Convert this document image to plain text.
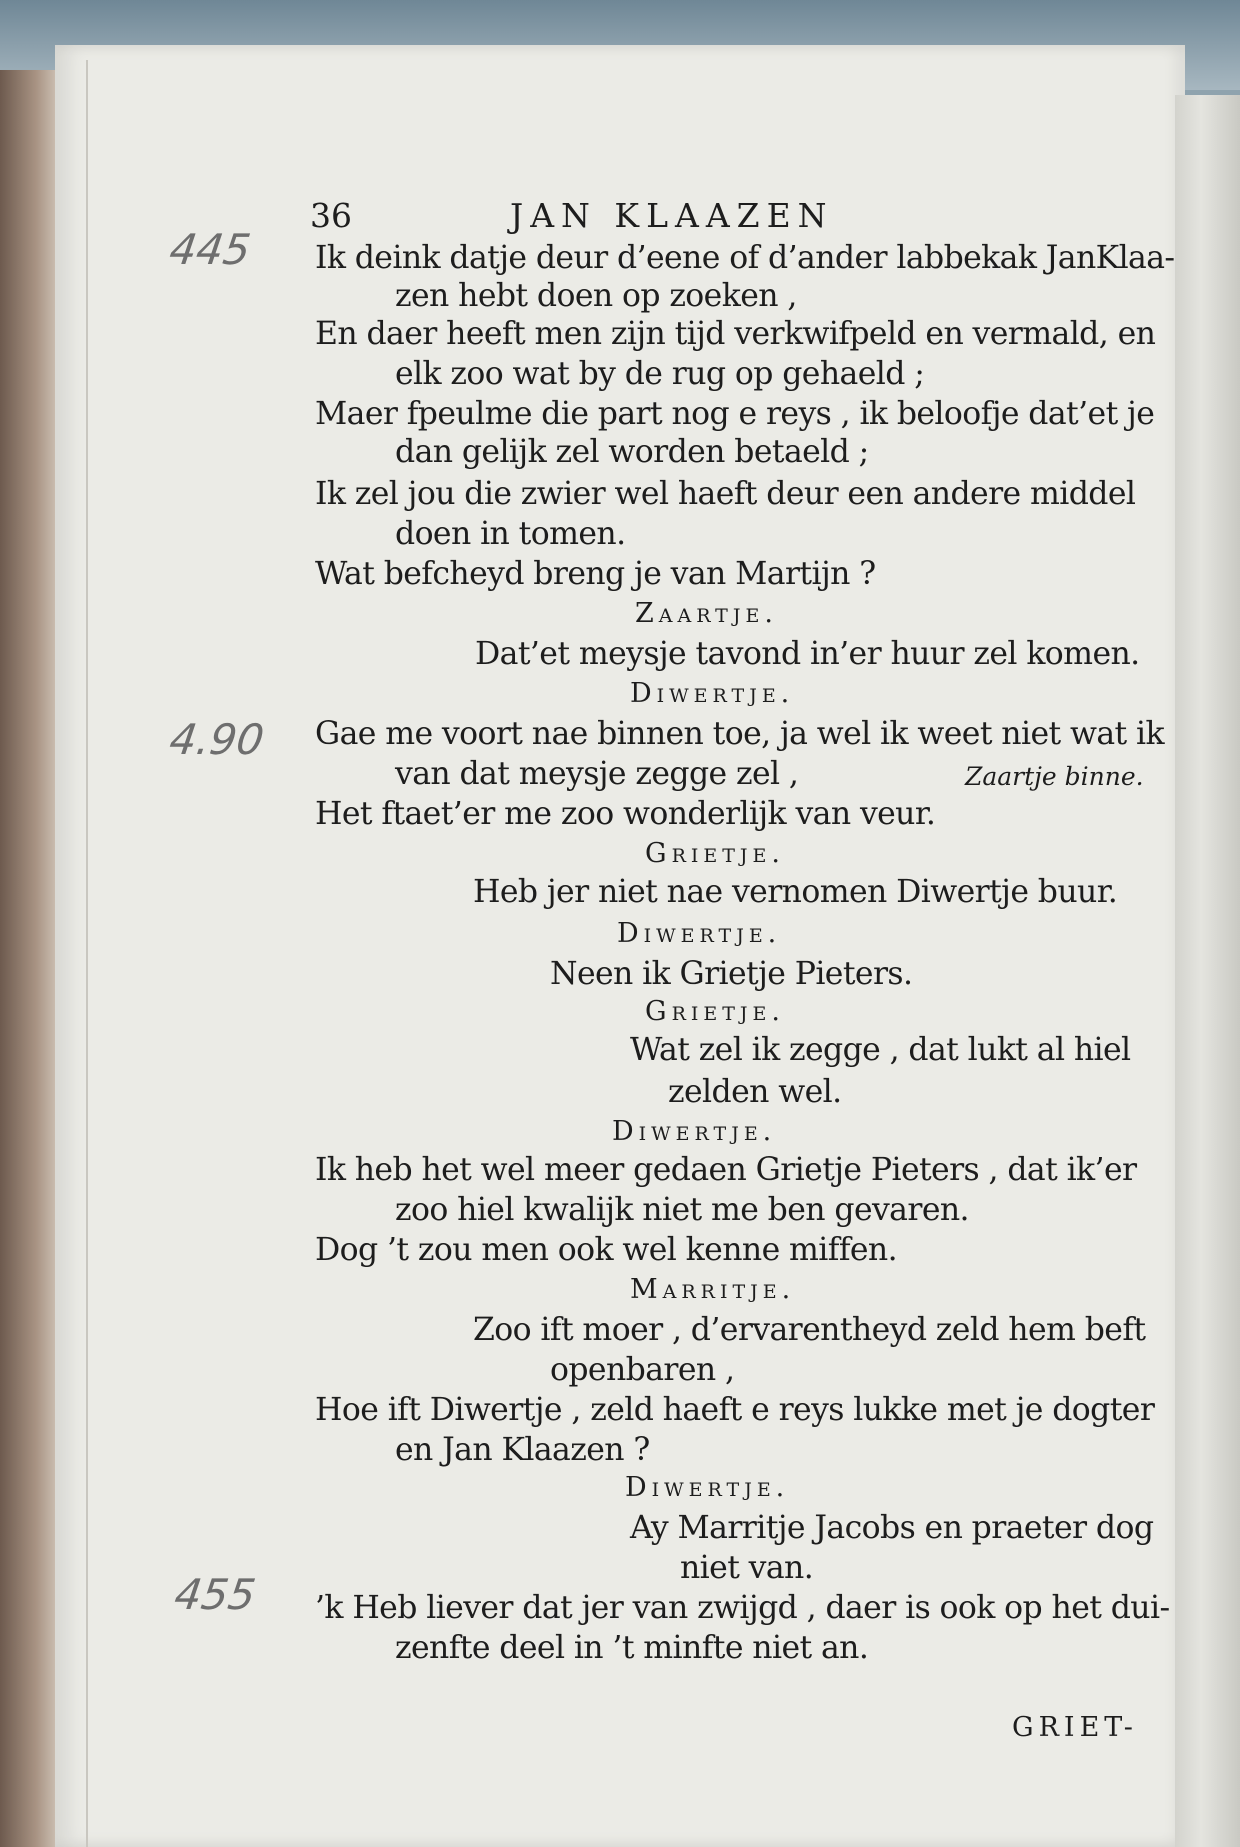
36	JAN KLAAZEN
445
4.90
455
Ik deink datje deur d’eene of d’ander labbekak JanKlaa-
zen hebt doen op zoeken ,
En daer heeft men zijn tijd verkwifpeld en vermald, en
elk zoo wat by de rug op gehaeld ;
Maer fpeulme die part nog e reys , ik beloofje dat’et je
dan gelijk zel worden betaeld ;
Ik zel jou die zwier wel haeft deur een andere middel
doen in tomen.
Wat befcheyd breng je van Martijn ?
Zaartje.
Dat’et meysje tavond in’er huur zel komen.
Diwertje.
Gae me voort nae binnen toe, ja wel ik weet niet wat ik
van dat meysje zegge zel ,	Zaartje binne.
Het ftaet’er me zoo wonderlijk van veur.
Grietje.
Heb jer niet nae vernomen Diwertje buur.
Diwertje.
Neen ik Grietje Pieters.
Grietje.
Wat zel ik zegge , dat lukt al hiel
zelden wel.
Diwertje.
Ik heb het wel meer gedaen Grietje Pieters , dat ik’er
zoo hiel kwalijk niet me ben gevaren.
Dog ’t zou men ook wel kenne miffen.
Marritje.
Zoo ift moer , d’ervarentheyd zeld hem beft
openbaren ,
Hoe ift Diwertje , zeld haeft e reys lukke met je dogter
en Jan Klaazen ?
Diwertje.
Ay Marritje Jacobs en praeter dog
niet van.
’k Heb liever dat jer van zwijgd , daer is ook op het dui-
zenfte deel in ’t minfte niet an.
GRIET-
